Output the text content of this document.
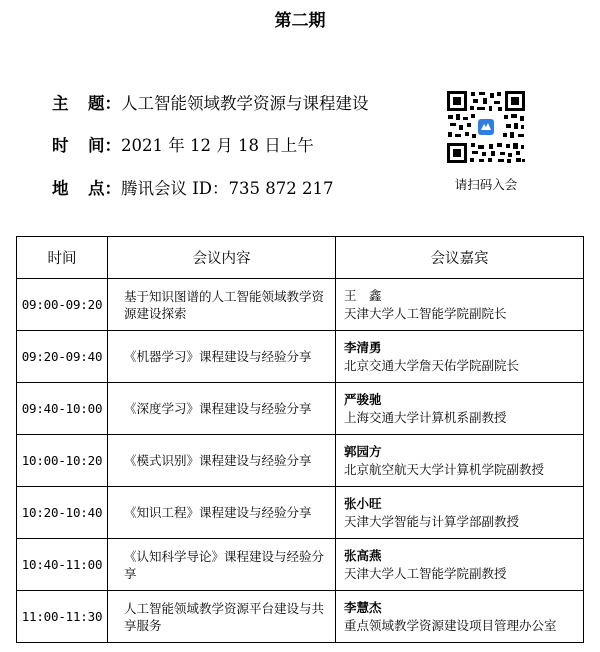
第二期
主 题：人工智能领域教学资源与课程建设
时 间：2021 年 12 月 18 日上午
地 点：腾讯会议 ID：735 872 217	请扫码入会
时间	会议内容	会议嘉宾
09:00-09:20	基于知识图谱的人工智能领域教学资源建设探索	王　鑫
天津大学人工智能学院副院长

09:20-09:40	《机器学习》课程建设与经验分享	李清勇
北京交通大学詹天佑学院副院长

09:40-10:00	《深度学习》课程建设与经验分享	严骏驰
上海交通大学计算机系副教授

10:00-10:20	《模式识别》课程建设与经验分享	郭园方
北京航空航天大学计算机学院副教授

10:20-10:40	《知识工程》课程建设与经验分享	张小旺
天津大学智能与计算学部副教授

10:40-11:00	《认知科学导论》课程建设与经验分享	张高燕
天津大学人工智能学院副教授

11:00-11:30	人工智能领域教学资源平台建设与共享服务	李慧杰
重点领域教学资源建设项目管理办公室
